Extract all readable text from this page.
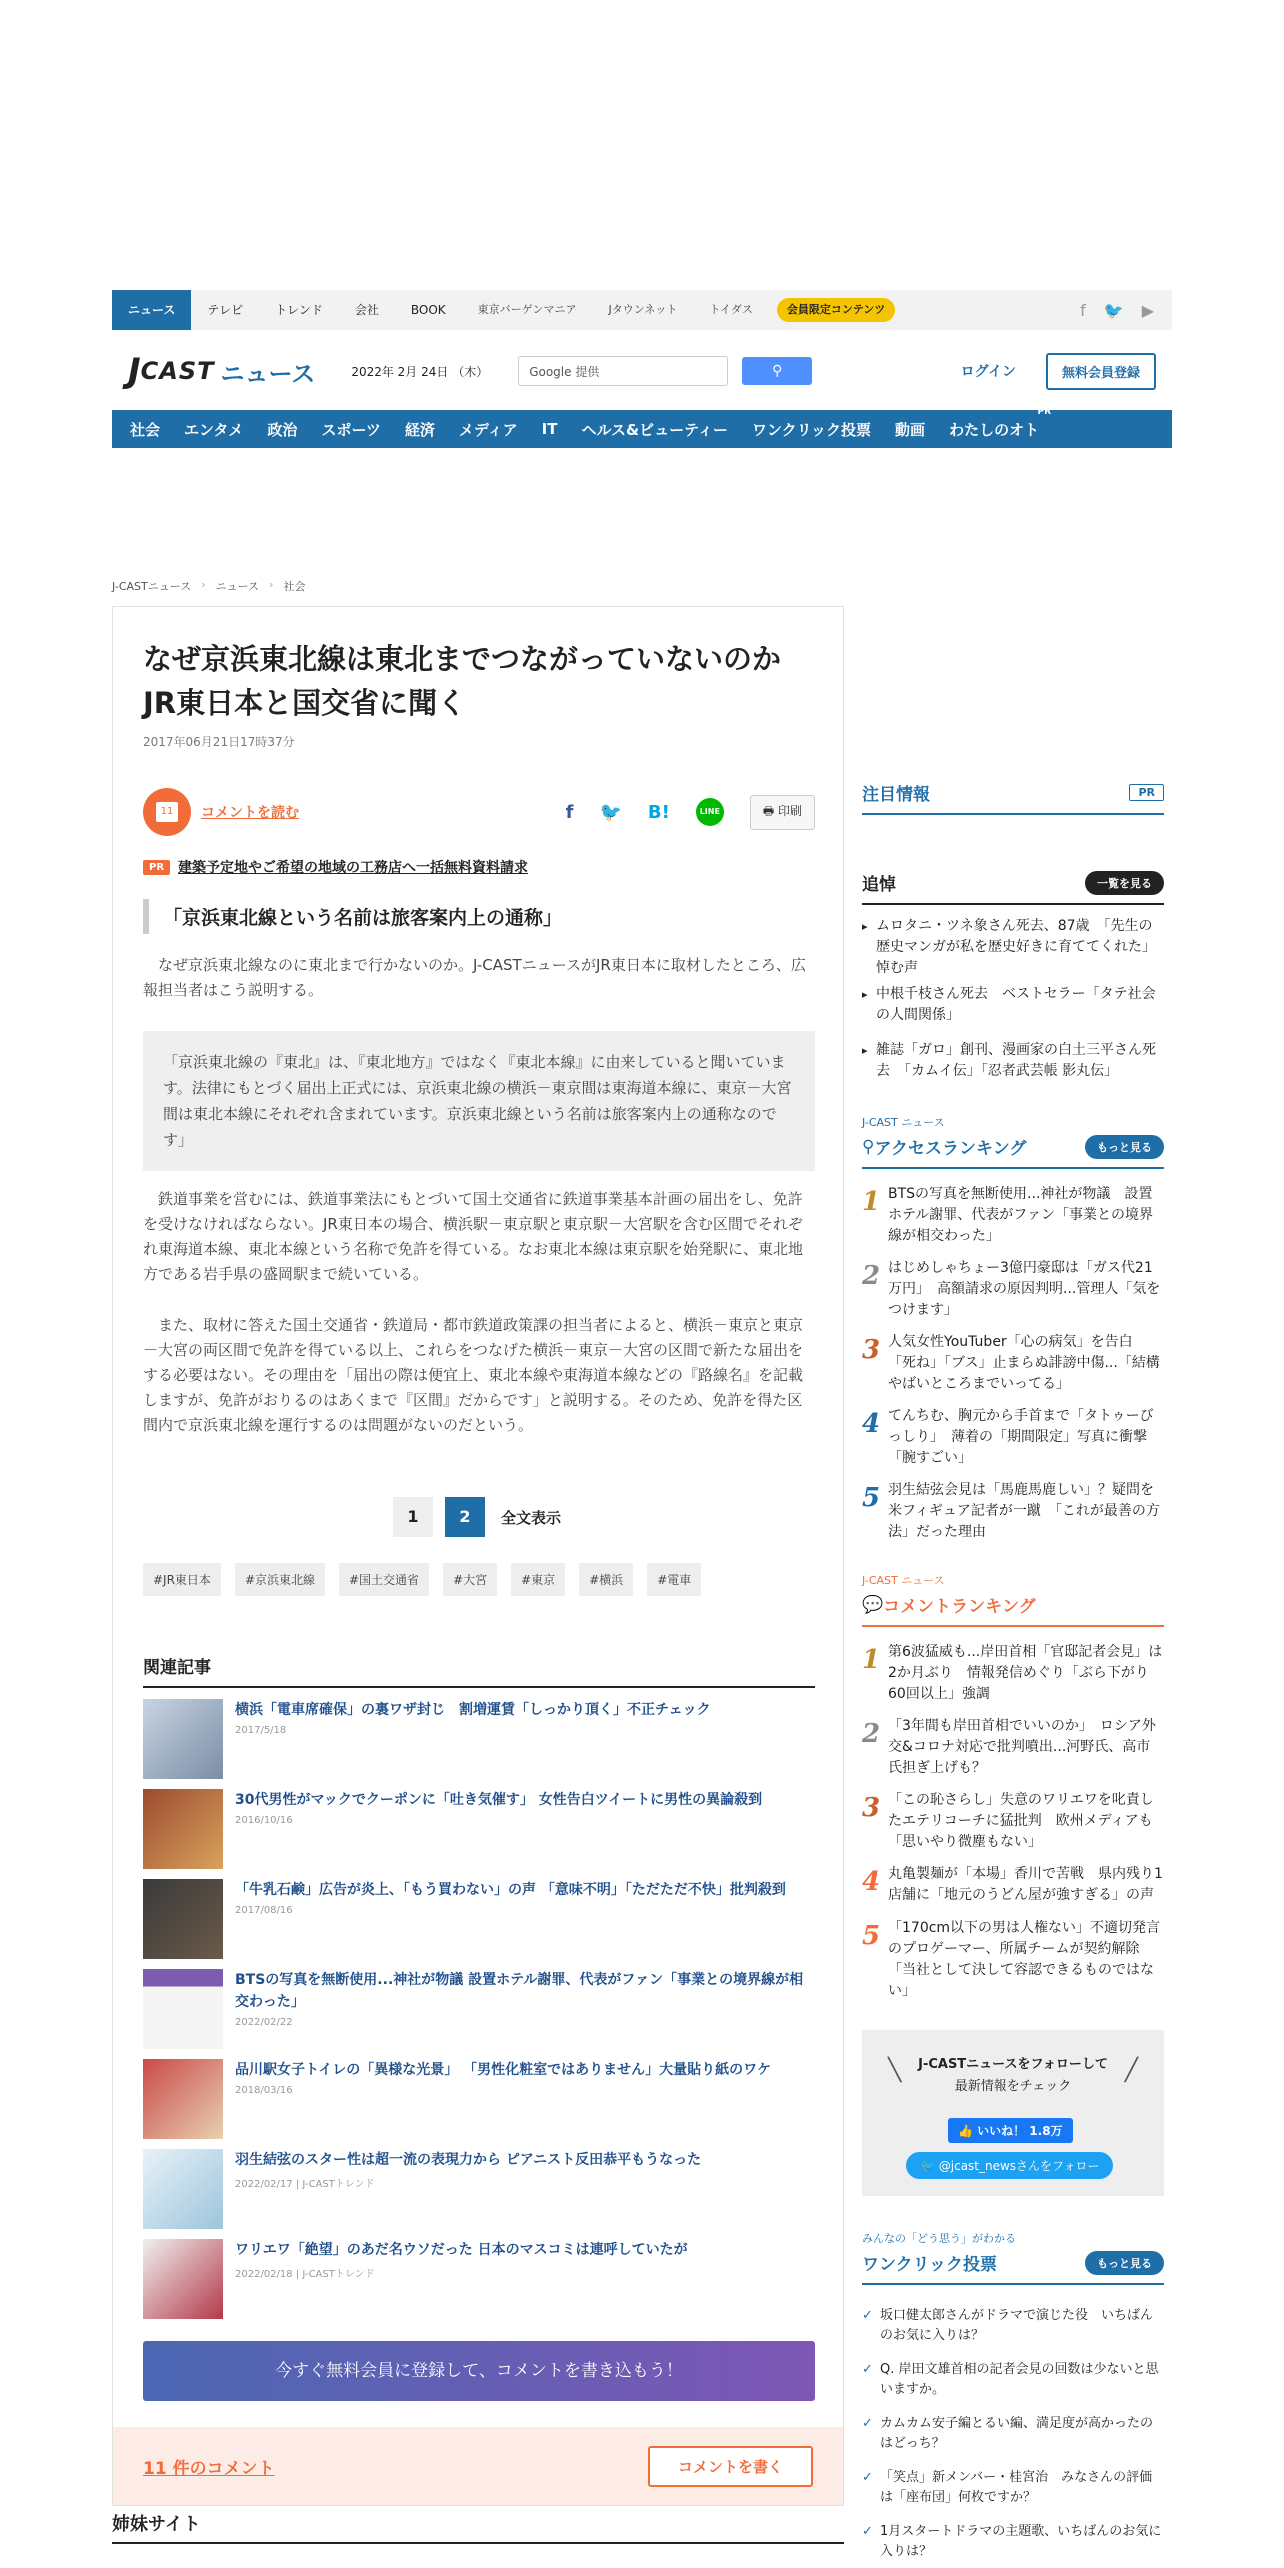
ニュース	テレビ	トレンド	会社	BOOK	東京バーゲンマニア	Jタウンネット	トイダス	会員限定コンテンツ	f 🐦 ▶
J CAST ニュース	2022年 2月 24日 （木）	Google 提供	⚲	ログイン	無料会員登録
社会	エンタメ	政治	スポーツ	経済	メディア	IT	ヘルス&ビューティー	ワンクリック投票	動画	わたしのオト
PR
J-CASTニュース › ニュース › 社会
なぜ京浜東北線は東北までつながっていないのか JR東日本と国交省に聞く
2017年06月21日17時37分
11	コメントを読む	f 🐦 B!	LINE	🖶 印刷
PR	建築予定地やご希望の地域の工務店へ一括無料資料請求
「京浜東北線という名前は旅客案内上の通称」

なぜ京浜東北線なのに東北まで行かないのか。J-CASTニュースがJR東日本に取材したところ、広報担当者はこう説明する。

「京浜東北線の『東北』は、『東北地方』ではなく『東北本線』に由来していると聞いています。法律にもとづく届出上正式には、京浜東北線の横浜－東京間は東海道本線に、東京－大宮間は東北本線にそれぞれ含まれています。京浜東北線という名前は旅客案内上の通称なのです」

鉄道事業を営むには、鉄道事業法にもとづいて国土交通省に鉄道事業基本計画の届出をし、免許を受けなければならない。JR東日本の場合、横浜駅－東京駅と東京駅－大宮駅を含む区間でそれぞれ東海道本線、東北本線という名称で免許を得ている。なお東北本線は東京駅を始発駅に、東北地方である岩手県の盛岡駅まで続いている。

また、取材に答えた国土交通省・鉄道局・都市鉄道政策課の担当者によると、横浜－東京と東京－大宮の両区間で免許を得ている以上、これらをつなげた横浜－東京－大宮の区間で新たな届出をする必要はない。その理由を「届出の際は便宜上、東北本線や東海道本線などの『路線名』を記載しますが、免許がおりるのはあくまで『区間』だからです」と説明する。そのため、免許を得た区間内で京浜東北線を運行するのは問題がないのだという。

1	2	全文表示
#JR東日本	#京浜東北線	#国土交通省	#大宮	#東京	#横浜	#電車
関連記事
横浜「電車席確保」の裏ワザ封じ　割増運賃「しっかり頂く」不正チェック
2017/5/18
30代男性がマックでクーポンに「吐き気催す」 女性告白ツイートに男性の異論殺到
2016/10/16
「牛乳石鹸」広告が炎上、「もう買わない」の声 「意味不明」「ただただ不快」批判殺到
2017/08/16
BTSの写真を無断使用...神社が物議 設置ホテル謝罪、代表がファン「事業との境界線が相交わった」
2022/02/22
品川駅女子トイレの「異様な光景」 「男性化粧室ではありません」大量貼り紙のワケ
2018/03/16
羽生結弦のスター性は超一流の表現力から ピアニスト反田恭平もうなった
2022/02/17 | J-CASTトレンド
ワリエワ「絶望」のあだ名ウソだった 日本のマスコミは連呼していたが
2022/02/18 | J-CASTトレンド
今すぐ無料会員に登録して、コメントを書き込もう！
11 件のコメント	コメントを書く
姉妹サイト
注目情報	PR
追悼	一覧を見る
▸ ムロタニ・ツネ象さん死去、87歳　「先生の歴史マンガが私を歴史好きに育ててくれた」悼む声
▸ 中根千枝さん死去　ベストセラー「タテ社会の人間関係」
▸ 雑誌「ガロ」創刊、漫画家の白土三平さん死去　「カムイ伝」「忍者武芸帳 影丸伝」
J-CAST ニュース
⚲ アクセスランキング	もっと見る
1 BTSの写真を無断使用...神社が物議　設置ホテル謝罪、代表がファン「事業との境界線が相交わった」
2 はじめしゃちょー3億円豪邸は「ガス代21万円」　高額請求の原因判明...管理人「気をつけます」
3 人気女性YouTuber「心の病気」を告白　「死ね」「ブス」止まらぬ誹謗中傷...「結構やばいところまでいってる」
4 てんちむ、胸元から手首まで「タトゥーびっしり」　薄着の「期間限定」写真に衝撃「腕すごい」
5 羽生結弦会見は「馬鹿馬鹿しい」？疑問を米フィギュア記者が一蹴　「これが最善の方法」だった理由
J-CAST ニュース
💬 コメントランキング
1 第6波猛威も...岸田首相「官邸記者会見」は2か月ぶり　情報発信めぐり「ぶら下がり60回以上」強調
2 「3年間も岸田首相でいいのか」　ロシア外交&コロナ対応で批判噴出...河野氏、高市氏担ぎ上げも？
3 「この恥さらし」失意のワリエワを叱責したエテリコーチに猛批判　欧州メディアも「思いやり微塵もない」
4 丸亀製麺が「本場」香川で苦戦　県内残り1店舗に「地元のうどん屋が強すぎる」の声
5 「170cm以下の男は人権ない」不適切発言のプロゲーマー、所属チームが契約解除　「当社として決して容認できるものではない」
╲	J-CASTニュースをフォローして
最新情報をチェック
╱
👍 いいね！ 1.8万
🐦 @jcast_newsさんをフォロー
みんなの「どう思う」がわかる
ワンクリック投票	もっと見る
✓ 坂口健太郎さんがドラマで演じた役　いちばんのお気に入りは？
✓ Q. 岸田文雄首相の記者会見の回数は少ないと思いますか。
✓ カムカム安子編とるい編、満足度が高かったのはどっち？
✓ 「笑点」新メンバー・桂宮治　みなさんの評価は「座布団」何枚ですか？
✓ 1月スタートドラマの主題歌、いちばんのお気に入りは？
